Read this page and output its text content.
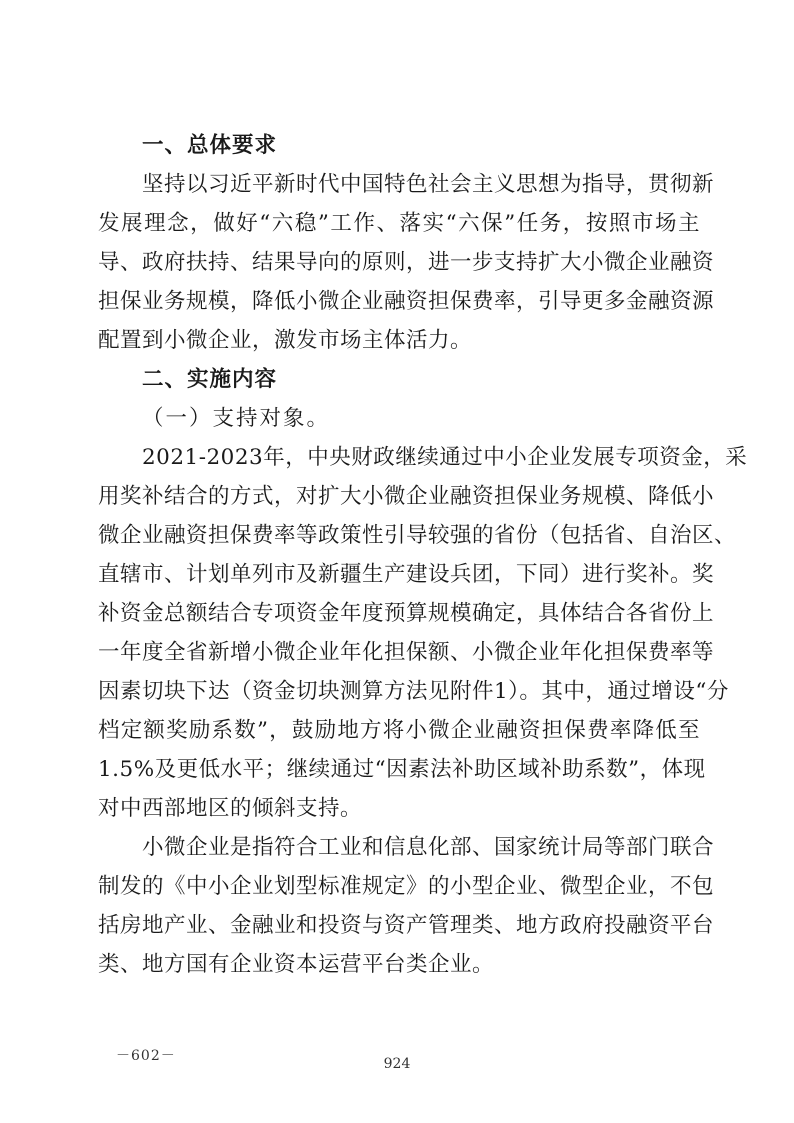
一、总体要求
坚持以习近平新时代中国特色社会主义思想为指导，贯彻新
发展理念，做好“六稳”工作、落实“六保”任务，按照市场主
导、政府扶持、结果导向的原则，进一步支持扩大小微企业融资
担保业务规模，降低小微企业融资担保费率，引导更多金融资源
配置到小微企业，激发市场主体活力。
二、实施内容
（一）支持对象。
2021-2023年，中央财政继续通过中小企业发展专项资金，采
用奖补结合的方式，对扩大小微企业融资担保业务规模、降低小
微企业融资担保费率等政策性引导较强的省份（包括省、自治区、
直辖市、计划单列市及新疆生产建设兵团，下同）进行奖补。奖
补资金总额结合专项资金年度预算规模确定，具体结合各省份上
一年度全省新增小微企业年化担保额、小微企业年化担保费率等
因素切块下达（资金切块测算方法见附件1）。其中，通过增设“分
档定额奖励系数”，鼓励地方将小微企业融资担保费率降低至
1.5%及更低水平；继续通过“因素法补助区域补助系数”，体现
对中西部地区的倾斜支持。
小微企业是指符合工业和信息化部、国家统计局等部门联合
制发的《中小企业划型标准规定》的小型企业、微型企业，不包
括房地产业、金融业和投资与资产管理类、地方政府投融资平台
类、地方国有企业资本运营平台类企业。
－602－	924
